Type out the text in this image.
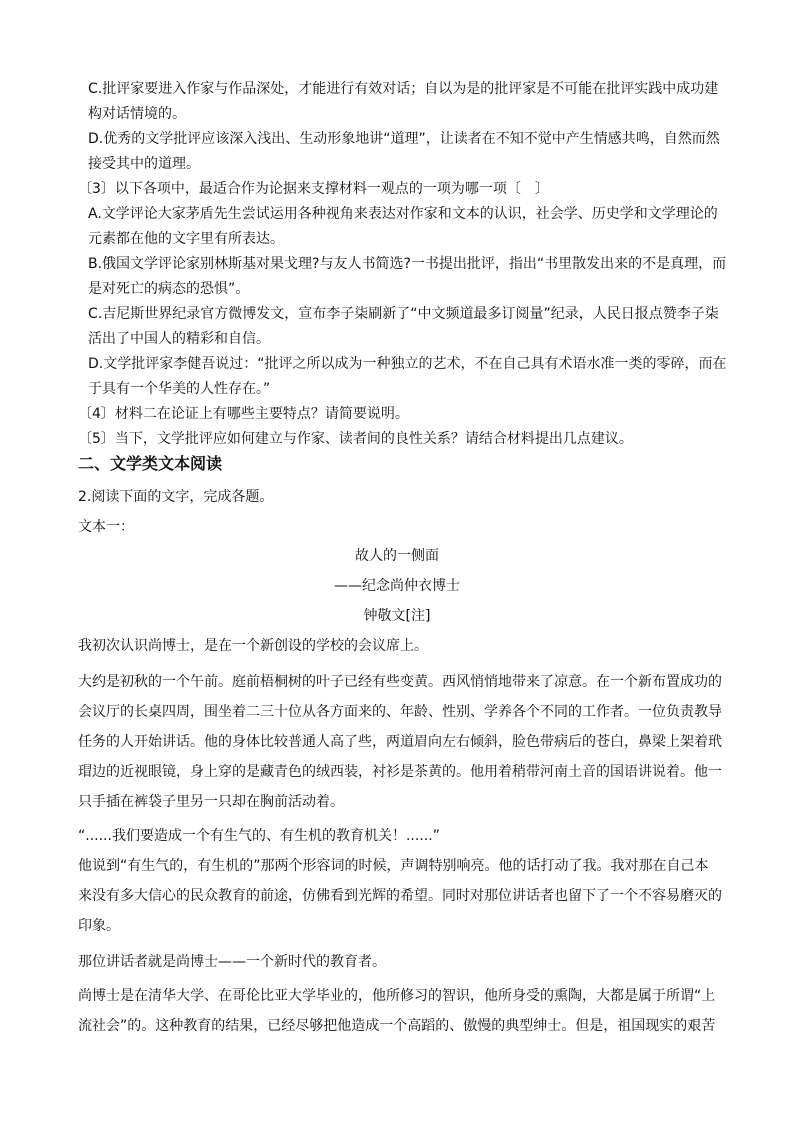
C.批评家要进入作家与作品深处，才能进行有效对话；自以为是的批评家是不可能在批评实践中成功建
构对话情境的。
D.优秀的文学批评应该深入浅出、生动形象地讲“道理”，让读者在不知不觉中产生情感共鸣，自然而然
接受其中的道理。
〔3〕以下各项中，最适合作为论据来支撑材料一观点的一项为哪一项〔　〕
A.文学评论大家茅盾先生尝试运用各种视角来表达对作家和文本的认识，社会学、历史学和文学理论的
元素都在他的文字里有所表达。
B.俄国文学评论家别林斯基对果戈理?与友人书简选?一书提出批评，指出“书里散发出来的不是真理，而
是对死亡的病态的恐惧”。
C.吉尼斯世界纪录官方微博发文，宣布李子柒刷新了“中文频道最多订阅量”纪录，人民日报点赞李子柒
活出了中国人的精彩和自信。
D.文学批评家李健吾说过：“批评之所以成为一种独立的艺术，不在自己具有术语水准一类的零碎，而在
于具有一个华美的人性存在。”
〔4〕材料二在论证上有哪些主要特点？请简要说明。
〔5〕当下，文学批评应如何建立与作家、读者间的良性关系？请结合材料提出几点建议。
二、文学类文本阅读
2.阅读下面的文字，完成各题。
文本一：
故人的一侧面
——纪念尚仲衣博士
钟敬文[注]
我初次认识尚博士，是在一个新创设的学校的会议席上。
大约是初秋的一个午前。庭前梧桐树的叶子已经有些变黄。西风悄悄地带来了凉意。在一个新布置成功的
会议厅的长桌四周，围坐着二三十位从各方面来的、年龄、性别、学养各个不同的工作者。一位负责教导
任务的人开始讲话。他的身体比较普通人高了些，两道眉向左右倾斜，脸色带病后的苍白，鼻梁上架着玳
瑁边的近视眼镜，身上穿的是藏青色的绒西装，衬衫是茶黄的。他用着稍带河南土音的国语讲说着。他一
只手插在裤袋子里另一只却在胸前活动着。
“......我们要造成一个有生气的、有生机的教育机关！......”
他说到“有生气的，有生机的”那两个形容词的时候，声调特别响亮。他的话打动了我。我对那在自己本
来没有多大信心的民众教育的前途，仿佛看到光辉的希望。同时对那位讲话者也留下了一个不容易磨灭的
印象。
那位讲话者就是尚博士——一个新时代的教育者。
尚博士是在清华大学、在哥伦比亚大学毕业的，他所修习的智识，他所身受的熏陶，大都是属于所谓“上
流社会”的。这种教育的结果，已经尽够把他造成一个高蹈的、傲慢的典型绅士。但是，祖国现实的艰苦
